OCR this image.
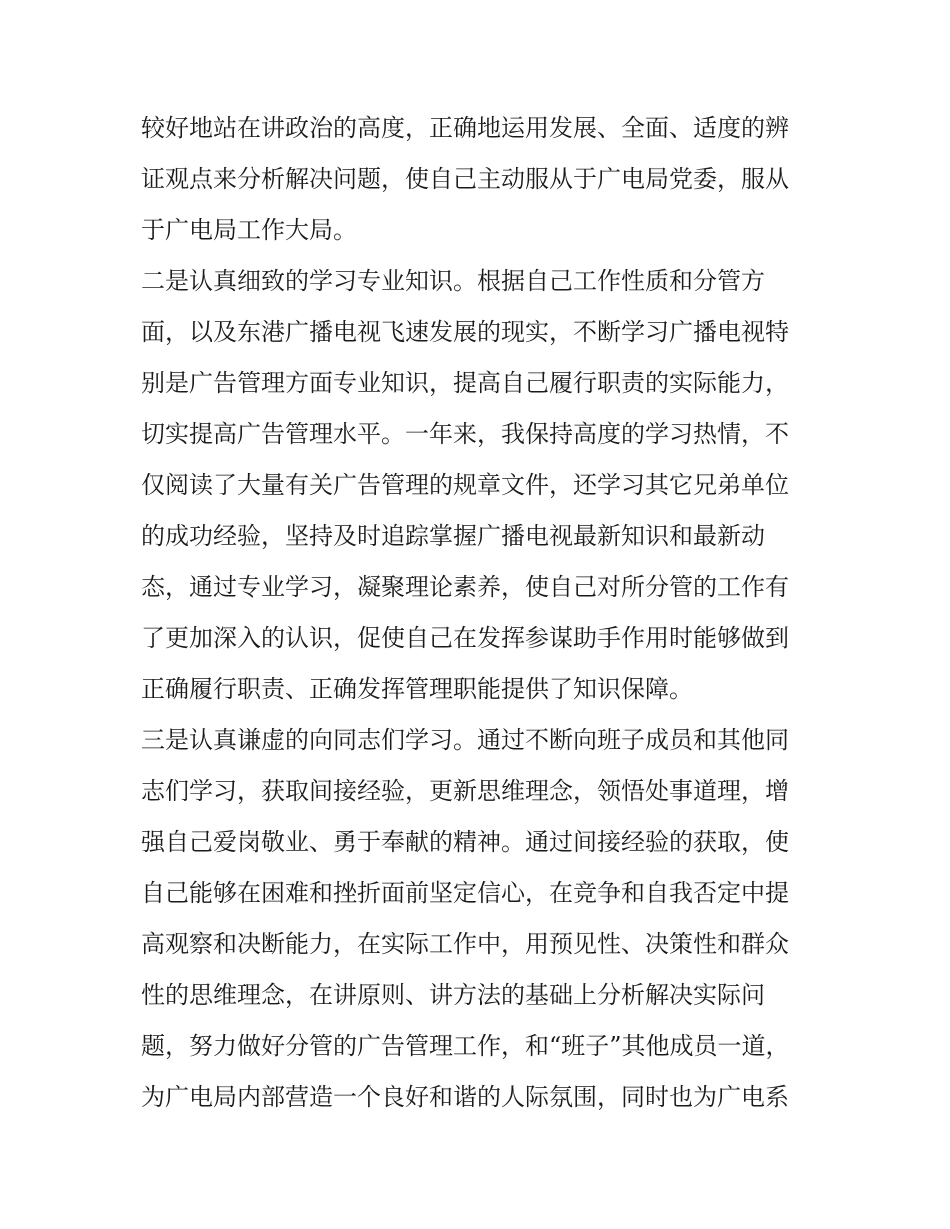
较好地站在讲政治的高度，正确地运用发展、全面、适度的辨

证观点来分析解决问题，使自己主动服从于广电局党委，服从

于广电局工作大局。

二是认真细致的学习专业知识。根据自己工作性质和分管方

面，以及东港广播电视飞速发展的现实，不断学习广播电视特

别是广告管理方面专业知识，提高自己履行职责的实际能力，

切实提高广告管理水平。一年来，我保持高度的学习热情，不

仅阅读了大量有关广告管理的规章文件，还学习其它兄弟单位

的成功经验，坚持及时追踪掌握广播电视最新知识和最新动

态，通过专业学习，凝聚理论素养，使自己对所分管的工作有

了更加深入的认识，促使自己在发挥参谋助手作用时能够做到

正确履行职责、正确发挥管理职能提供了知识保障。

三是认真谦虚的向同志们学习。通过不断向班子成员和其他同

志们学习，获取间接经验，更新思维理念，领悟处事道理，增

强自己爱岗敬业、勇于奉献的精神。通过间接经验的获取，使

自己能够在困难和挫折面前坚定信心，在竞争和自我否定中提

高观察和决断能力，在实际工作中，用预见性、决策性和群众

性的思维理念，在讲原则、讲方法的基础上分析解决实际问

题，努力做好分管的广告管理工作，和“班子”其他成员一道，

为广电局内部营造一个良好和谐的人际氛围，同时也为广电系
